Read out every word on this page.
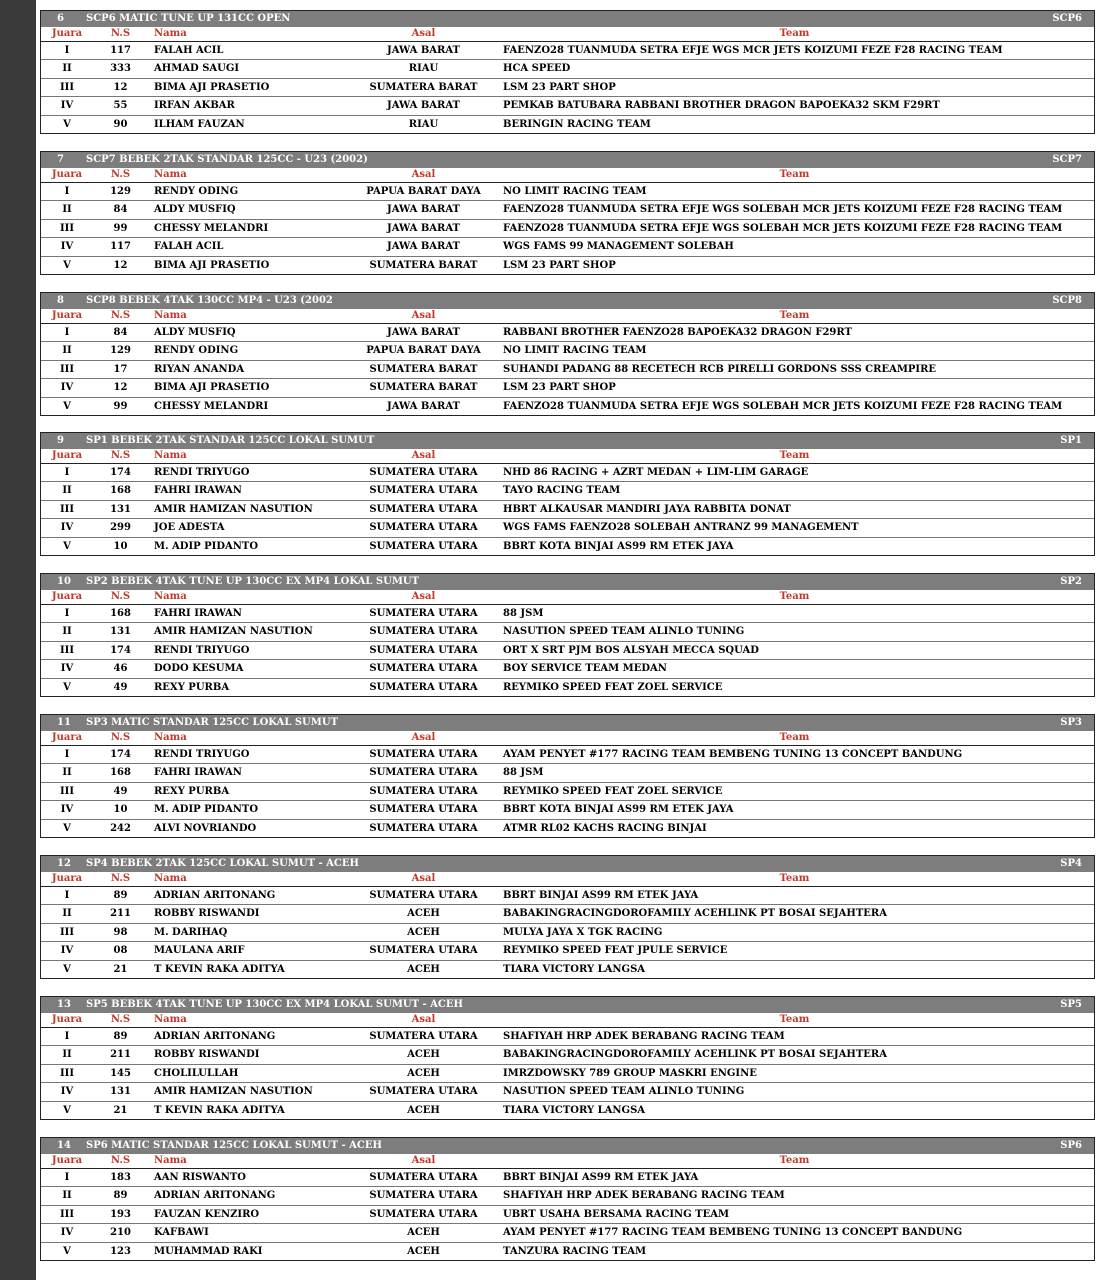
6 SCP6 MATIC TUNE UP 131CC OPEN	SCP6
Juara	N.S	Nama	Asal	Team
I	117	FALAH ACIL	JAWA BARAT	FAENZO28 TUANMUDA SETRA EFJE WGS MCR JETS KOIZUMI FEZE F28 RACING TEAM
II	333	AHMAD SAUGI	RIAU	HCA SPEED
III	12	BIMA AJI PRASETIO	SUMATERA BARAT	LSM 23 PART SHOP
IV	55	IRFAN AKBAR	JAWA BARAT	PEMKAB BATUBARA RABBANI BROTHER DRAGON BAPOEKA32 SKM F29RT
V	90	ILHAM FAUZAN	RIAU	BERINGIN RACING TEAM
7 SCP7 BEBEK 2TAK STANDAR 125CC - U23 (2002)	SCP7
Juara	N.S	Nama	Asal	Team
I	129	RENDY ODING	PAPUA BARAT DAYA	NO LIMIT RACING TEAM
II	84	ALDY MUSFIQ	JAWA BARAT	FAENZO28 TUANMUDA SETRA EFJE WGS SOLEBAH MCR JETS KOIZUMI FEZE F28 RACING TEAM
III	99	CHESSY MELANDRI	JAWA BARAT	FAENZO28 TUANMUDA SETRA EFJE WGS SOLEBAH MCR JETS KOIZUMI FEZE F28 RACING TEAM
IV	117	FALAH ACIL	JAWA BARAT	WGS FAMS 99 MANAGEMENT SOLEBAH
V	12	BIMA AJI PRASETIO	SUMATERA BARAT	LSM 23 PART SHOP
8 SCP8 BEBEK 4TAK 130CC MP4 - U23 (2002	SCP8
Juara	N.S	Nama	Asal	Team
I	84	ALDY MUSFIQ	JAWA BARAT	RABBANI BROTHER FAENZO28 BAPOEKA32 DRAGON F29RT
II	129	RENDY ODING	PAPUA BARAT DAYA	NO LIMIT RACING TEAM
III	17	RIYAN ANANDA	SUMATERA BARAT	SUHANDI PADANG 88 RECETECH RCB PIRELLI GORDONS SSS CREAMPIRE
IV	12	BIMA AJI PRASETIO	SUMATERA BARAT	LSM 23 PART SHOP
V	99	CHESSY MELANDRI	JAWA BARAT	FAENZO28 TUANMUDA SETRA EFJE WGS SOLEBAH MCR JETS KOIZUMI FEZE F28 RACING TEAM
9 SP1 BEBEK 2TAK STANDAR 125CC LOKAL SUMUT	SP1
Juara	N.S	Nama	Asal	Team
I	174	RENDI TRIYUGO	SUMATERA UTARA	NHD 86 RACING + AZRT MEDAN + LIM-LIM GARAGE
II	168	FAHRI IRAWAN	SUMATERA UTARA	TAYO RACING TEAM
III	131	AMIR HAMIZAN NASUTION	SUMATERA UTARA	HBRT ALKAUSAR MANDIRI JAYA RABBITA DONAT
IV	299	JOE ADESTA	SUMATERA UTARA	WGS FAMS FAENZO28 SOLEBAH ANTRANZ 99 MANAGEMENT
V	10	M. ADIP PIDANTO	SUMATERA UTARA	BBRT KOTA BINJAI AS99 RM ETEK JAYA
10 SP2 BEBEK 4TAK TUNE UP 130CC EX MP4 LOKAL SUMUT	SP2
Juara	N.S	Nama	Asal	Team
I	168	FAHRI IRAWAN	SUMATERA UTARA	88 JSM
II	131	AMIR HAMIZAN NASUTION	SUMATERA UTARA	NASUTION SPEED TEAM ALINLO TUNING
III	174	RENDI TRIYUGO	SUMATERA UTARA	ORT X SRT PJM BOS ALSYAH MECCA SQUAD
IV	46	DODO KESUMA	SUMATERA UTARA	BOY SERVICE TEAM MEDAN
V	49	REXY PURBA	SUMATERA UTARA	REYMIKO SPEED FEAT ZOEL SERVICE
11 SP3 MATIC STANDAR 125CC LOKAL SUMUT	SP3
Juara	N.S	Nama	Asal	Team
I	174	RENDI TRIYUGO	SUMATERA UTARA	AYAM PENYET #177 RACING TEAM BEMBENG TUNING 13 CONCEPT BANDUNG
II	168	FAHRI IRAWAN	SUMATERA UTARA	88 JSM
III	49	REXY PURBA	SUMATERA UTARA	REYMIKO SPEED FEAT ZOEL SERVICE
IV	10	M. ADIP PIDANTO	SUMATERA UTARA	BBRT KOTA BINJAI AS99 RM ETEK JAYA
V	242	ALVI NOVRIANDO	SUMATERA UTARA	ATMR RL02 KACHS RACING BINJAI
12 SP4 BEBEK 2TAK 125CC LOKAL SUMUT - ACEH	SP4
Juara	N.S	Nama	Asal	Team
I	89	ADRIAN ARITONANG	SUMATERA UTARA	BBRT BINJAI AS99 RM ETEK JAYA
II	211	ROBBY RISWANDI	ACEH	BABAKINGRACINGDOROFAMILY ACEHLINK PT BOSAI SEJAHTERA
III	98	M. DARIHAQ	ACEH	MULYA JAYA X TGK RACING
IV	08	MAULANA ARIF	SUMATERA UTARA	REYMIKO SPEED FEAT JPULE SERVICE
V	21	T KEVIN RAKA ADITYA	ACEH	TIARA VICTORY LANGSA
13 SP5 BEBEK 4TAK TUNE UP 130CC EX MP4 LOKAL SUMUT - ACEH	SP5
Juara	N.S	Nama	Asal	Team
I	89	ADRIAN ARITONANG	SUMATERA UTARA	SHAFIYAH HRP ADEK BERABANG RACING TEAM
II	211	ROBBY RISWANDI	ACEH	BABAKINGRACINGDOROFAMILY ACEHLINK PT BOSAI SEJAHTERA
III	145	CHOLILULLAH	ACEH	IMRZDOWSKY 789 GROUP MASKRI ENGINE
IV	131	AMIR HAMIZAN NASUTION	SUMATERA UTARA	NASUTION SPEED TEAM ALINLO TUNING
V	21	T KEVIN RAKA ADITYA	ACEH	TIARA VICTORY LANGSA
14 SP6 MATIC STANDAR 125CC LOKAL SUMUT - ACEH	SP6
Juara	N.S	Nama	Asal	Team
I	183	AAN RISWANTO	SUMATERA UTARA	BBRT BINJAI AS99 RM ETEK JAYA
II	89	ADRIAN ARITONANG	SUMATERA UTARA	SHAFIYAH HRP ADEK BERABANG RACING TEAM
III	193	FAUZAN KENZIRO	SUMATERA UTARA	UBRT USAHA BERSAMA RACING TEAM
IV	210	KAFBAWI	ACEH	AYAM PENYET #177 RACING TEAM BEMBENG TUNING 13 CONCEPT BANDUNG
V	123	MUHAMMAD RAKI	ACEH	TANZURA RACING TEAM
